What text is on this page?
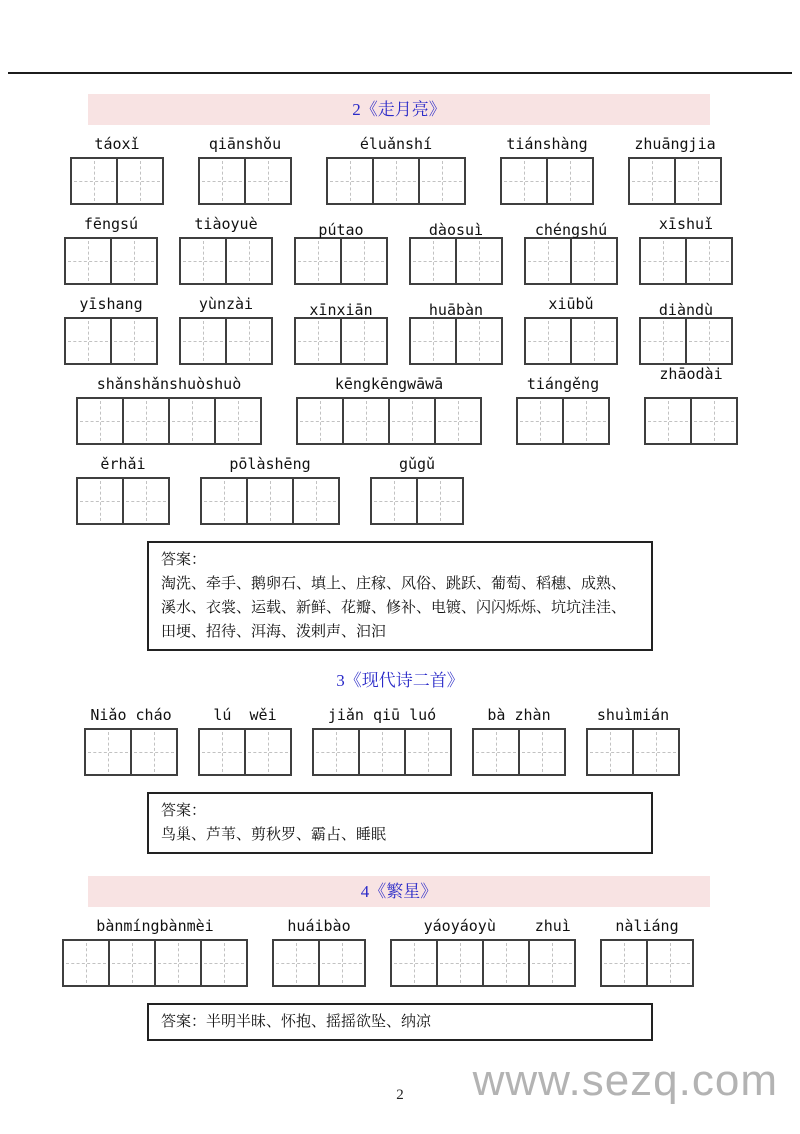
2《走月亮》
táoxǐ	qiānshǒu	éluǎnshí	tiánshàng	zhuāngjia
fēngsú	tiàoyuè	pútao	dàosuì	chéngshú	xīshuǐ
yīshang	yùnzài	xīnxiān	huābàn	xiūbǔ	diàndù
shǎnshǎnshuòshuò	kēngkēngwāwā	tiángěng
zhāodài
ěrhǎi	pōlàshēng	gǔgǔ
答案：
淘洗、牵手、鹅卵石、填上、庄稼、风俗、跳跃、葡萄、稻穗、成熟、溪水、衣裳、运载、新鲜、花瓣、修补、电镀、闪闪烁烁、坑坑洼洼、田埂、招待、洱海、泼剌声、汩汩
3《现代诗二首》
Niǎo cháo	lú  wěi	jiǎn qiū luó	bà zhàn	shuìmián
答案：
鸟巢、芦苇、剪秋罗、霸占、睡眠
4《繁星》
bànmíngbànmèi	huáibào	yáoyáoyù	zhuì	nàliáng
答案：半明半昧、怀抱、摇摇欲坠、纳凉
2	www.sezq.com
